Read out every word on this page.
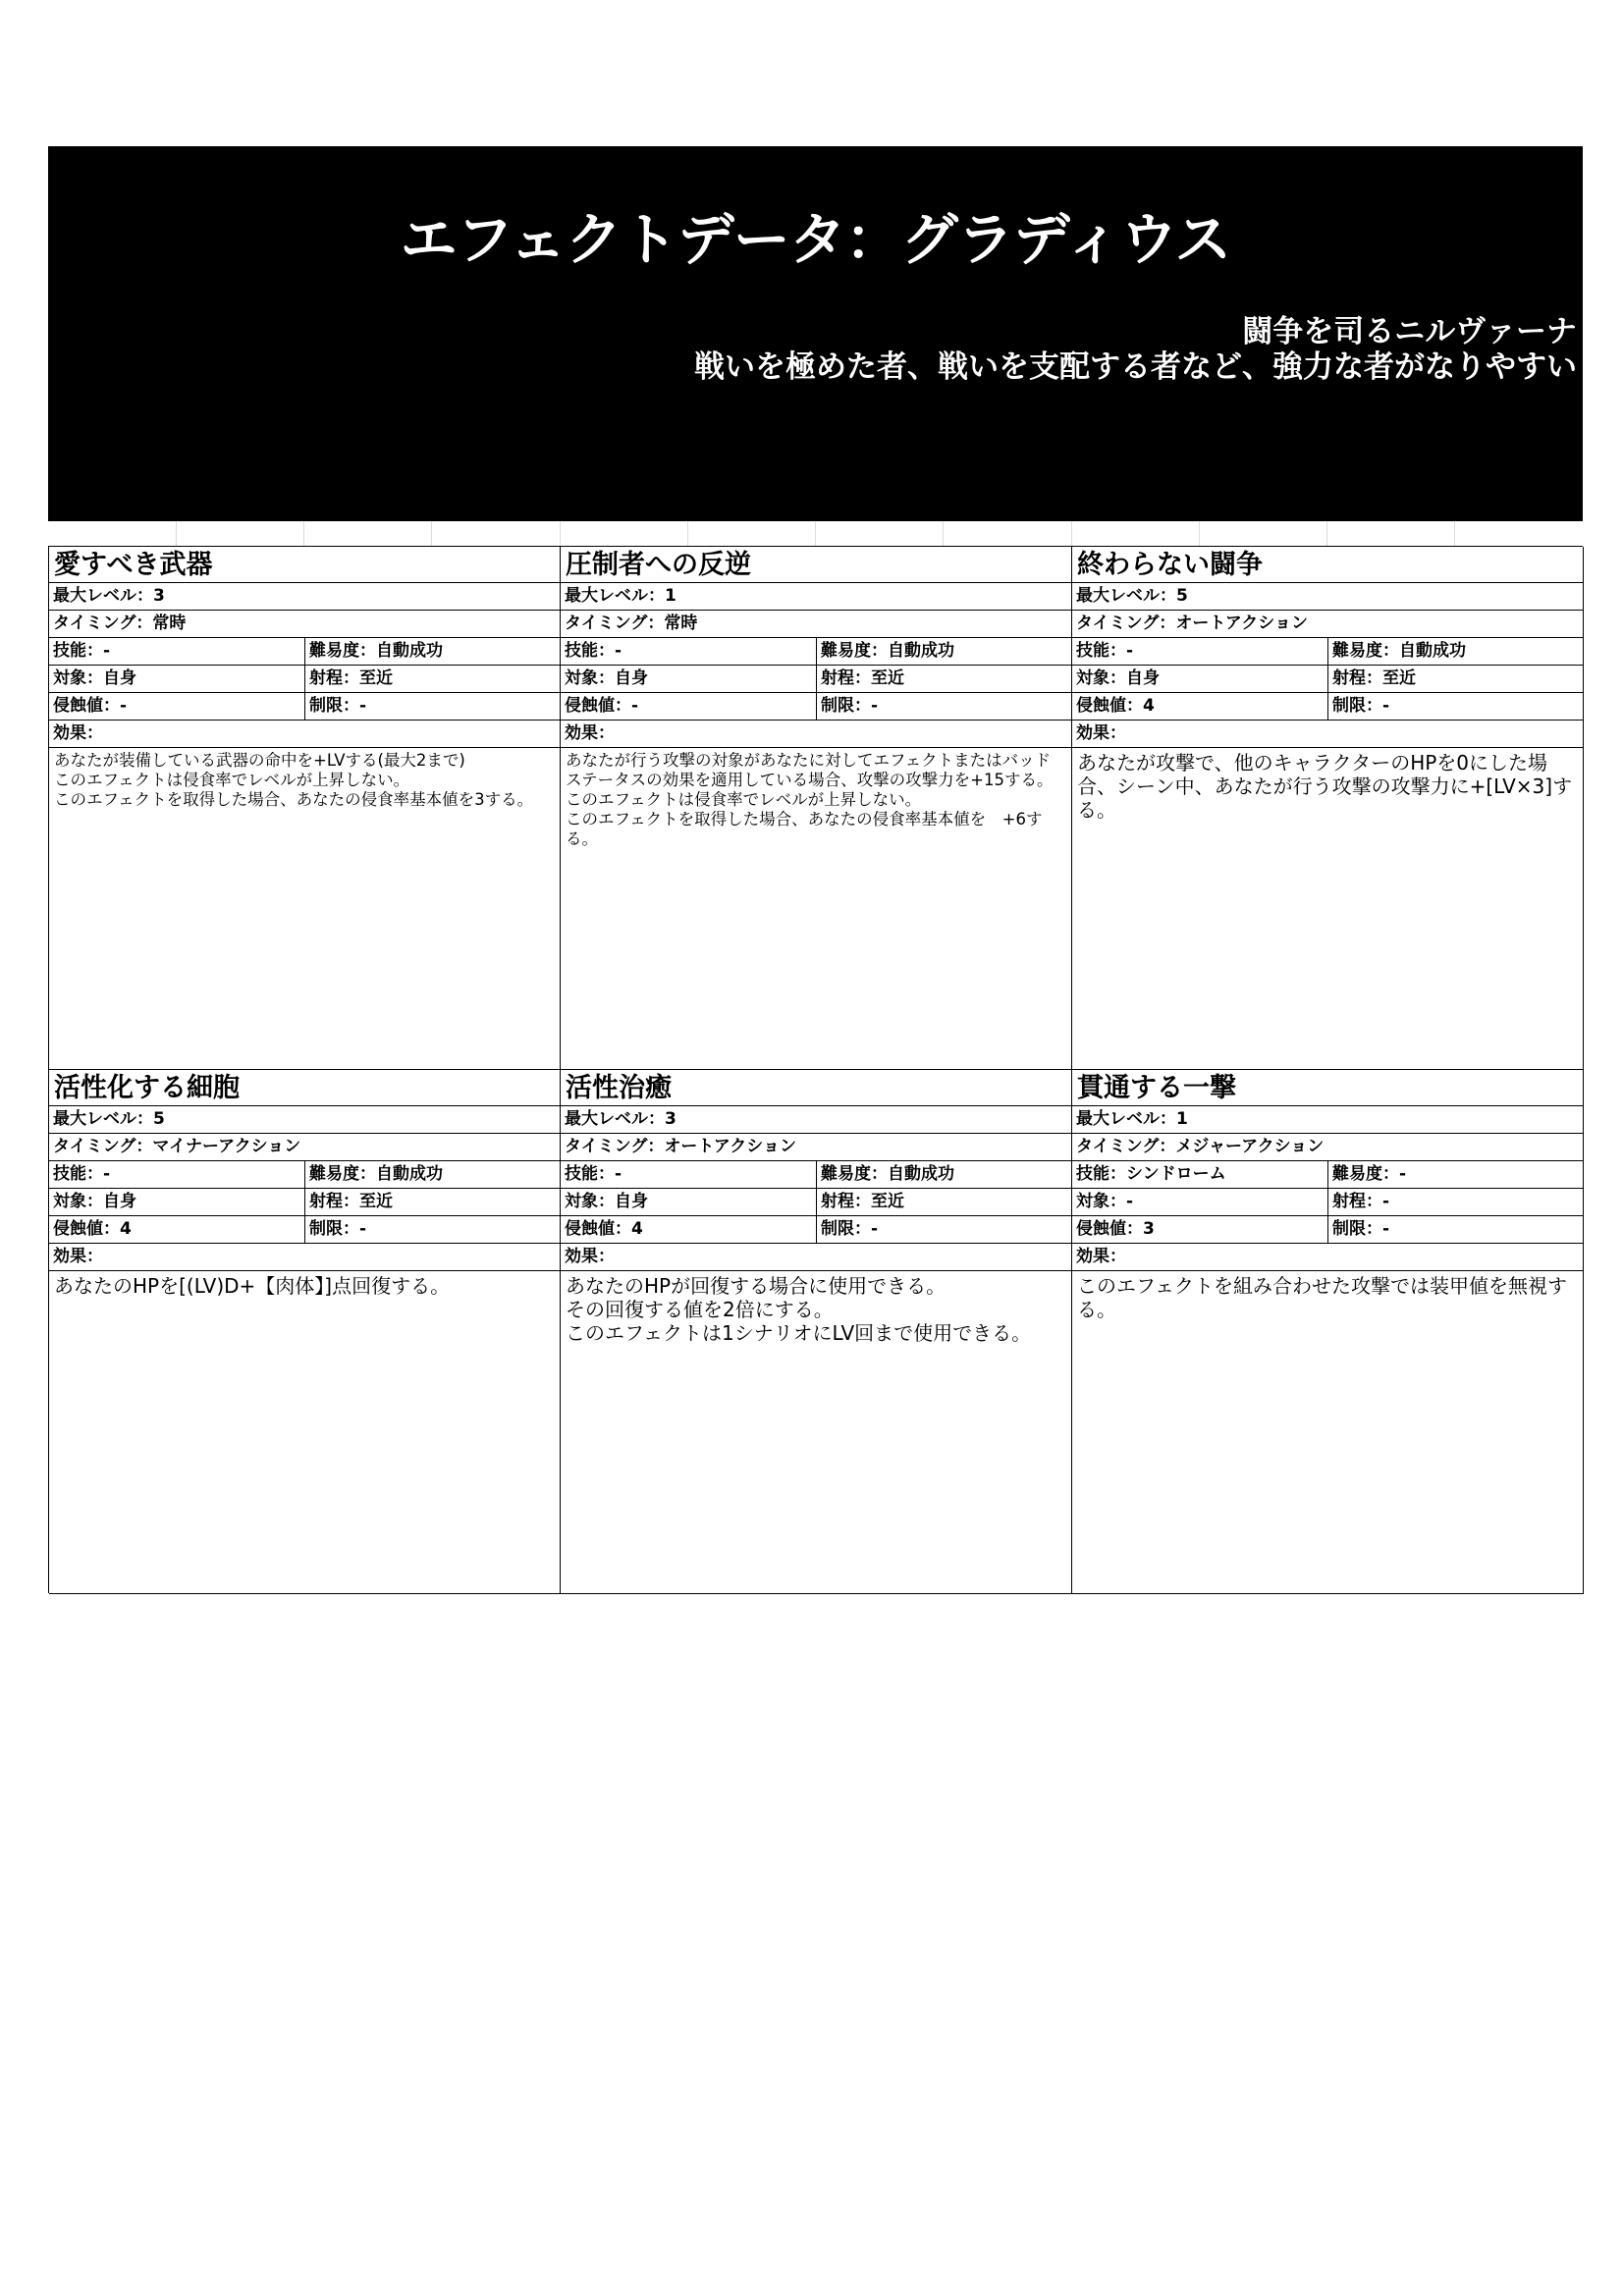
エフェクトデータ：グラディウス
闘争を司るニルヴァーナ
戦いを極めた者、戦いを支配する者など、強力な者がなりやすい
愛すべき武器
最大レベル：3
タイミング：常時
技能：-	難易度：自動成功
対象：自身	射程：至近
侵蝕値：-	制限：-
効果：
あなたが装備している武器の命中を+LVする(最大2まで)
このエフェクトは侵食率でレベルが上昇しない。
このエフェクトを取得した場合、あなたの侵食率基本値を3する。
圧制者への反逆
最大レベル：1
タイミング：常時
技能：-	難易度：自動成功
対象：自身	射程：至近
侵蝕値：-	制限：-
効果：
あなたが行う攻撃の対象があなたに対してエフェクトまたはバッドステータスの効果を適用している場合、攻撃の攻撃力を+15する。
このエフェクトは侵食率でレベルが上昇しない。
このエフェクトを取得した場合、あなたの侵食率基本値を　+6する。
終わらない闘争
最大レベル：5
タイミング：オートアクション
技能：-	難易度：自動成功
対象：自身	射程：至近
侵蝕値：4	制限：-
効果：
あなたが攻撃で、他のキャラクターのHPを0にした場合、シーン中、あなたが行う攻撃の攻撃力に+[LV×3]する。
活性化する細胞
最大レベル：5
タイミング：マイナーアクション
技能：-	難易度：自動成功
対象：自身	射程：至近
侵蝕値：4	制限：-
効果：
あなたのHPを[(LV)D+【肉体】]点回復する。
活性治癒
最大レベル：3
タイミング：オートアクション
技能：-	難易度：自動成功
対象：自身	射程：至近
侵蝕値：4	制限：-
効果：
あなたのHPが回復する場合に使用できる。
その回復する値を2倍にする。
このエフェクトは1シナリオにLV回まで使用できる。
貫通する一撃
最大レベル：1
タイミング：メジャーアクション
技能：シンドローム	難易度：-
対象：-	射程：-
侵蝕値：3	制限：-
効果：
このエフェクトを組み合わせた攻撃では装甲値を無視する。
